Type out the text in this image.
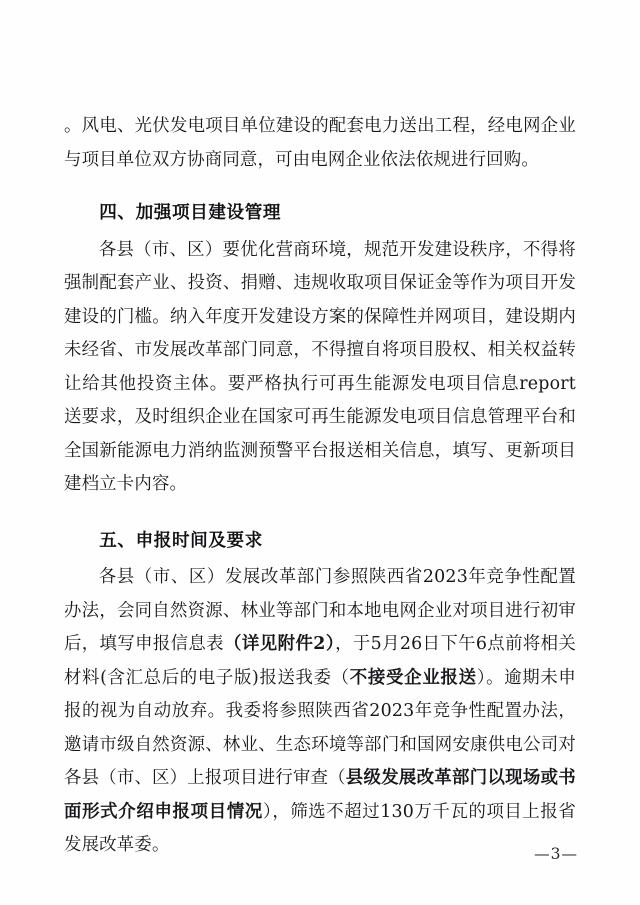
。风电、光伏发电项目单位建设的配套电力送出工程，经电网企业与项目单位双方协商同意，可由电网企业依法依规进行回购。

四、加强项目建设管理

各县（市、区）要优化营商环境，规范开发建设秩序，不得将强制配套产业、投资、捐赠、违规收取项目保证金等作为项目开发建设的门槛。纳入年度开发建设方案的保障性并网项目，建设期内未经省、市发展改革部门同意，不得擅自将项目股权、相关权益转让给其他投资主体。要严格执行可再生能源发电项目信息report送要求，及时组织企业在国家可再生能源发电项目信息管理平台和全国新能源电力消纳监测预警平台报送相关信息，填写、更新项目建档立卡内容。

五、申报时间及要求

各县（市、区）发展改革部门参照陕西省2023年竞争性配置办法，会同自然资源、林业等部门和本地电网企业对项目进行初审后，填写申报信息表（详见附件2），于5月26日下午6点前将相关材料(含汇总后的电子版)报送我委（不接受企业报送）。逾期未申报的视为自动放弃。我委将参照陕西省2023年竞争性配置办法，邀请市级自然资源、林业、生态环境等部门和国网安康供电公司对各县（市、区）上报项目进行审查（县级发展改革部门以现场或书面形式介绍申报项目情况），筛选不超过130万千瓦的项目上报省发展改革委。	—3—
